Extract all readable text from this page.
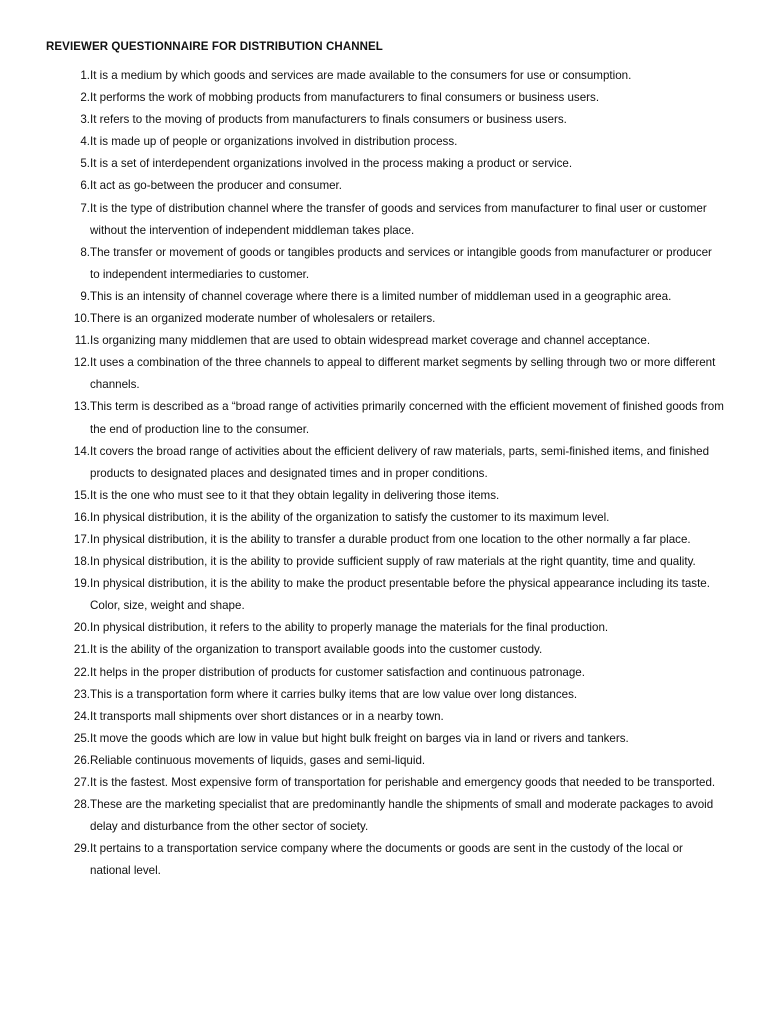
REVIEWER QUESTIONNAIRE FOR DISTRIBUTION CHANNEL
1. It is a medium by which goods and services are made available to the consumers for use or consumption.
2. It performs the work of mobbing products from manufacturers to final consumers or business users.
3. It refers to the moving of products from manufacturers to finals consumers or business users.
4. It is made up of people or organizations involved in distribution process.
5. It is a set of interdependent organizations involved in the process making a product or service.
6. It act as go-between the producer and consumer.
7. It is the type of distribution channel where the transfer of goods and services from manufacturer to final user or customer without the intervention of independent middleman takes place.
8. The transfer or movement of goods or tangibles products and services or intangible goods from manufacturer or producer to independent intermediaries to customer.
9. This is an intensity of channel coverage where there is a limited number of middleman used in a geographic area.
10. There is an organized moderate number of wholesalers or retailers.
11. Is organizing many middlemen that are used to obtain widespread market coverage and channel acceptance.
12. It uses a combination of the three channels to appeal to different market segments by selling through two or more different channels.
13. This term is described as a “broad range of activities primarily concerned with the efficient movement of finished goods from the end of production line to the consumer.
14. It covers the broad range of activities about the efficient delivery of raw materials, parts, semi-finished items, and finished products to designated places and designated times and in proper conditions.
15. It is the one who must see to it that they obtain legality in delivering those items.
16. In physical distribution, it is the ability of the organization to satisfy the customer to its maximum level.
17. In physical distribution, it is the ability to transfer a durable product from one location to the other normally a far place.
18. In physical distribution, it is the ability to provide sufficient supply of raw materials at the right quantity, time and quality.
19. In physical distribution, it is the ability to make the product presentable before the physical appearance including its taste. Color, size, weight and shape.
20. In physical distribution, it refers to the ability to properly manage the materials for the final production.
21. It is the ability of the organization to transport available goods into the customer custody.
22. It helps in the proper distribution of products for customer satisfaction and continuous patronage.
23. This is a transportation form where it carries bulky items that are low value over long distances.
24. It transports mall shipments over short distances or in a nearby town.
25. It move the goods which are low in value but hight bulk freight on barges via in land or rivers and tankers.
26. Reliable continuous movements of liquids, gases and semi-liquid.
27. It is the fastest. Most expensive form of transportation for perishable and emergency goods that needed to be transported.
28. These are the marketing specialist that are predominantly handle the shipments of small and moderate packages to avoid delay and disturbance from the other sector of society.
29. It pertains to a transportation service company where the documents or goods are sent in the custody of the local or national level.
